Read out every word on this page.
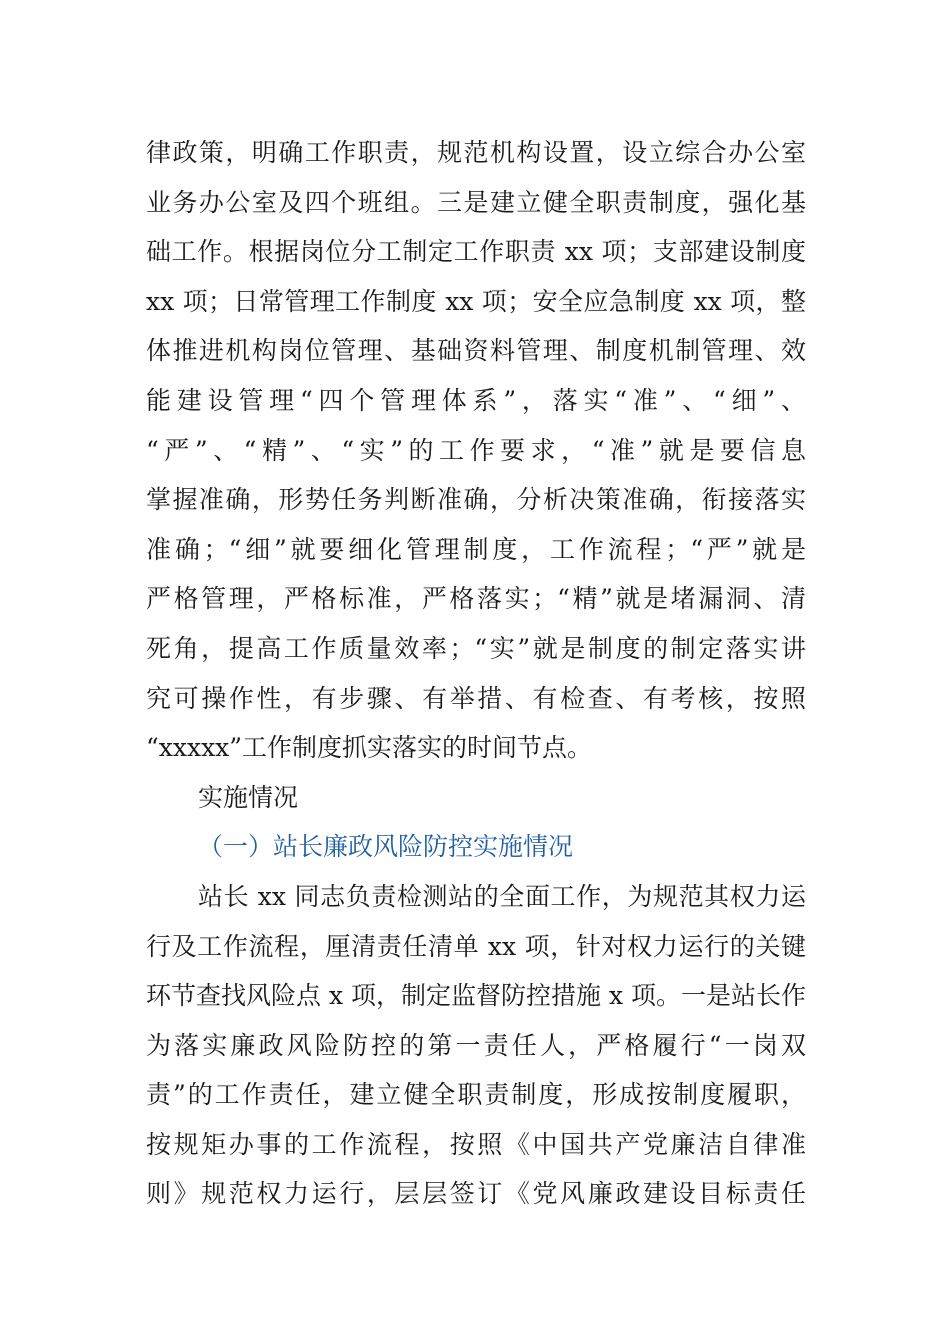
律政策，明确工作职责，规范机构设置，设立综合办公室
业务办公室及四个班组。三是建立健全职责制度，强化基
础工作。根据岗位分工制定工作职责 xx 项；支部建设制度
xx 项；日常管理工作制度 xx 项；安全应急制度 xx 项，整
体推进机构岗位管理、基础资料管理、制度机制管理、效
能建设管理“四个管理体系”，落实“准”、“细”、
“严”、“精”、“实”的工作要求，“准”就是要信息
掌握准确，形势任务判断准确，分析决策准确，衔接落实
准确；“细”就要细化管理制度，工作流程；“严”就是
严格管理，严格标准，严格落实；“精”就是堵漏洞、清
死角，提高工作质量效率；“实”就是制度的制定落实讲
究可操作性，有步骤、有举措、有检查、有考核，按照
“xxxxx”工作制度抓实落实的时间节点。
实施情况
（一）站长廉政风险防控实施情况
站长 xx 同志负责检测站的全面工作，为规范其权力运
行及工作流程，厘清责任清单 xx 项，针对权力运行的关键
环节查找风险点 x 项，制定监督防控措施 x 项。一是站长作
为落实廉政风险防控的第一责任人，严格履行“一岗双
责”的工作责任，建立健全职责制度，形成按制度履职，
按规矩办事的工作流程，按照《中国共产党廉洁自律准
则》规范权力运行，层层签订《党风廉政建设目标责任
